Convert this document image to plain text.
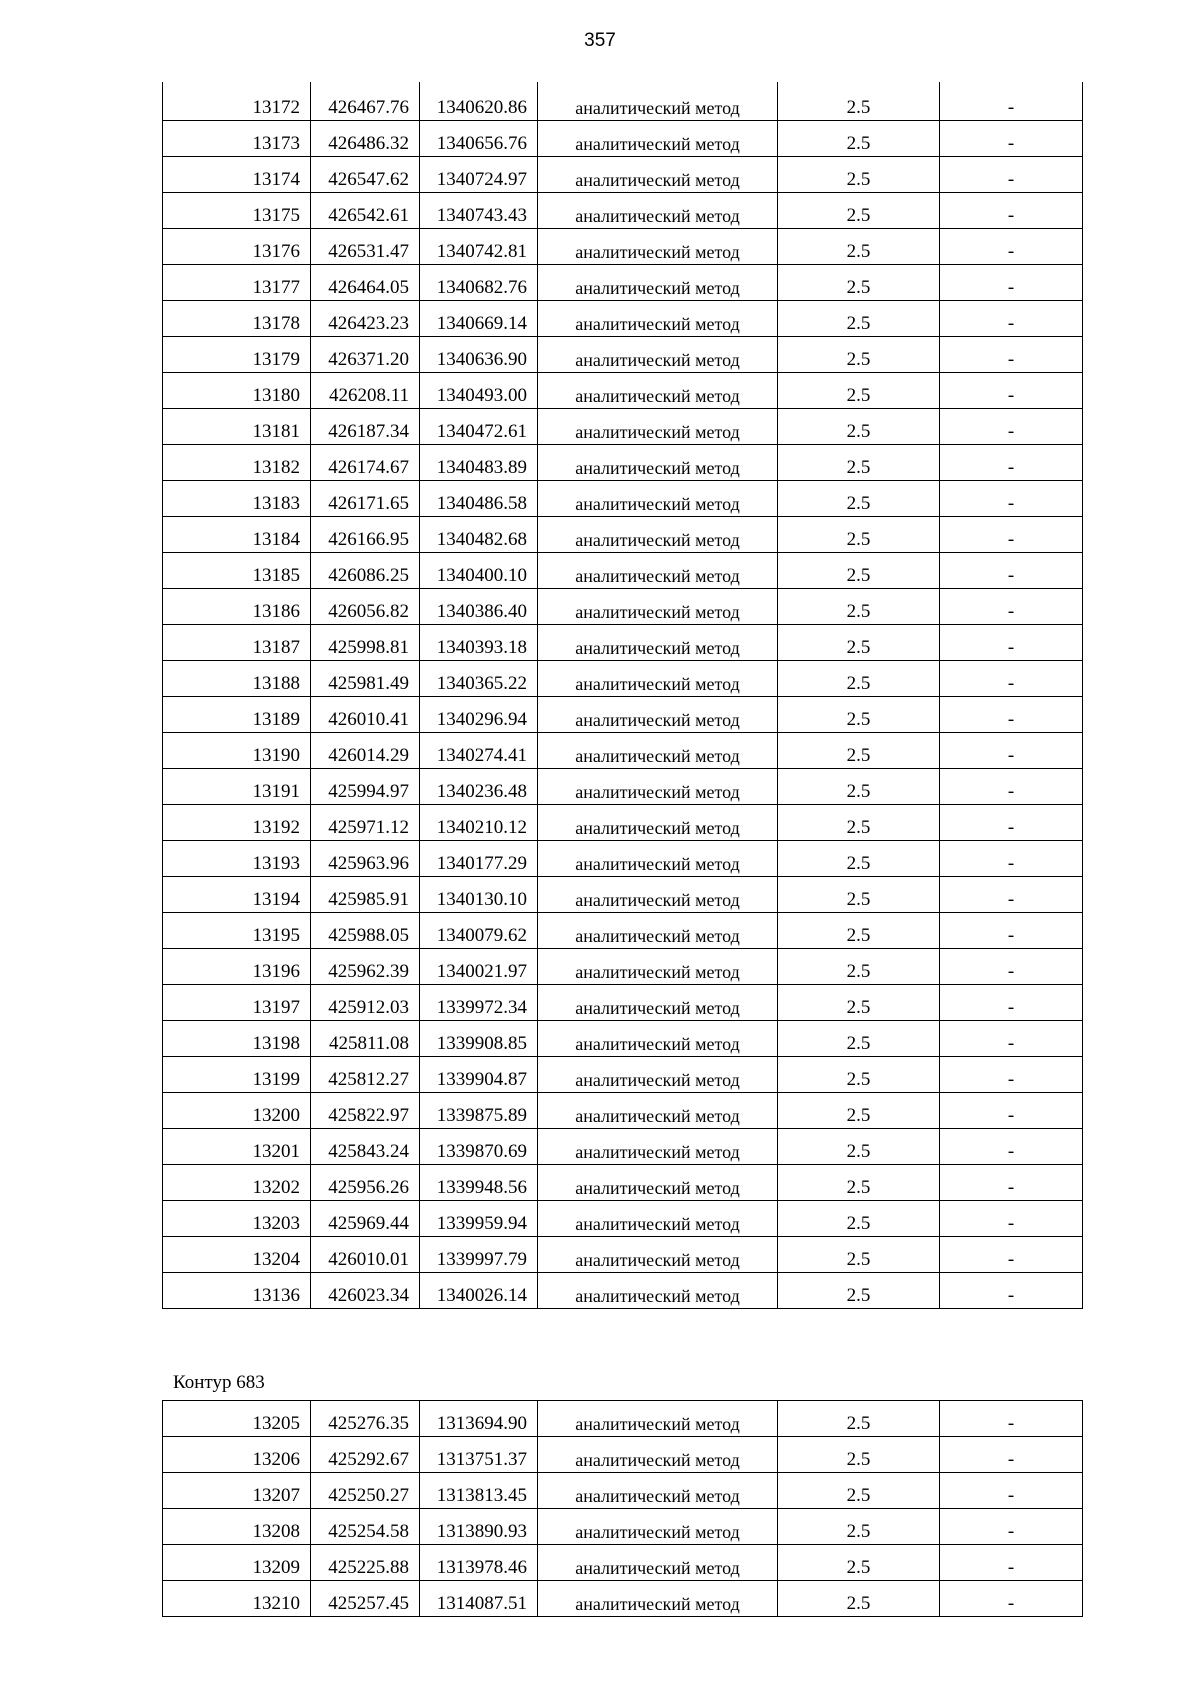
357
13172	426467.76	1340620.86	аналитический метод	2.5	-
13173	426486.32	1340656.76	аналитический метод	2.5	-
13174	426547.62	1340724.97	аналитический метод	2.5	-
13175	426542.61	1340743.43	аналитический метод	2.5	-
13176	426531.47	1340742.81	аналитический метод	2.5	-
13177	426464.05	1340682.76	аналитический метод	2.5	-
13178	426423.23	1340669.14	аналитический метод	2.5	-
13179	426371.20	1340636.90	аналитический метод	2.5	-
13180	426208.11	1340493.00	аналитический метод	2.5	-
13181	426187.34	1340472.61	аналитический метод	2.5	-
13182	426174.67	1340483.89	аналитический метод	2.5	-
13183	426171.65	1340486.58	аналитический метод	2.5	-
13184	426166.95	1340482.68	аналитический метод	2.5	-
13185	426086.25	1340400.10	аналитический метод	2.5	-
13186	426056.82	1340386.40	аналитический метод	2.5	-
13187	425998.81	1340393.18	аналитический метод	2.5	-
13188	425981.49	1340365.22	аналитический метод	2.5	-
13189	426010.41	1340296.94	аналитический метод	2.5	-
13190	426014.29	1340274.41	аналитический метод	2.5	-
13191	425994.97	1340236.48	аналитический метод	2.5	-
13192	425971.12	1340210.12	аналитический метод	2.5	-
13193	425963.96	1340177.29	аналитический метод	2.5	-
13194	425985.91	1340130.10	аналитический метод	2.5	-
13195	425988.05	1340079.62	аналитический метод	2.5	-
13196	425962.39	1340021.97	аналитический метод	2.5	-
13197	425912.03	1339972.34	аналитический метод	2.5	-
13198	425811.08	1339908.85	аналитический метод	2.5	-
13199	425812.27	1339904.87	аналитический метод	2.5	-
13200	425822.97	1339875.89	аналитический метод	2.5	-
13201	425843.24	1339870.69	аналитический метод	2.5	-
13202	425956.26	1339948.56	аналитический метод	2.5	-
13203	425969.44	1339959.94	аналитический метод	2.5	-
13204	426010.01	1339997.79	аналитический метод	2.5	-
13136	426023.34	1340026.14	аналитический метод	2.5	-
Контур 683
13205	425276.35	1313694.90	аналитический метод	2.5	-
13206	425292.67	1313751.37	аналитический метод	2.5	-
13207	425250.27	1313813.45	аналитический метод	2.5	-
13208	425254.58	1313890.93	аналитический метод	2.5	-
13209	425225.88	1313978.46	аналитический метод	2.5	-
13210	425257.45	1314087.51	аналитический метод	2.5	-
